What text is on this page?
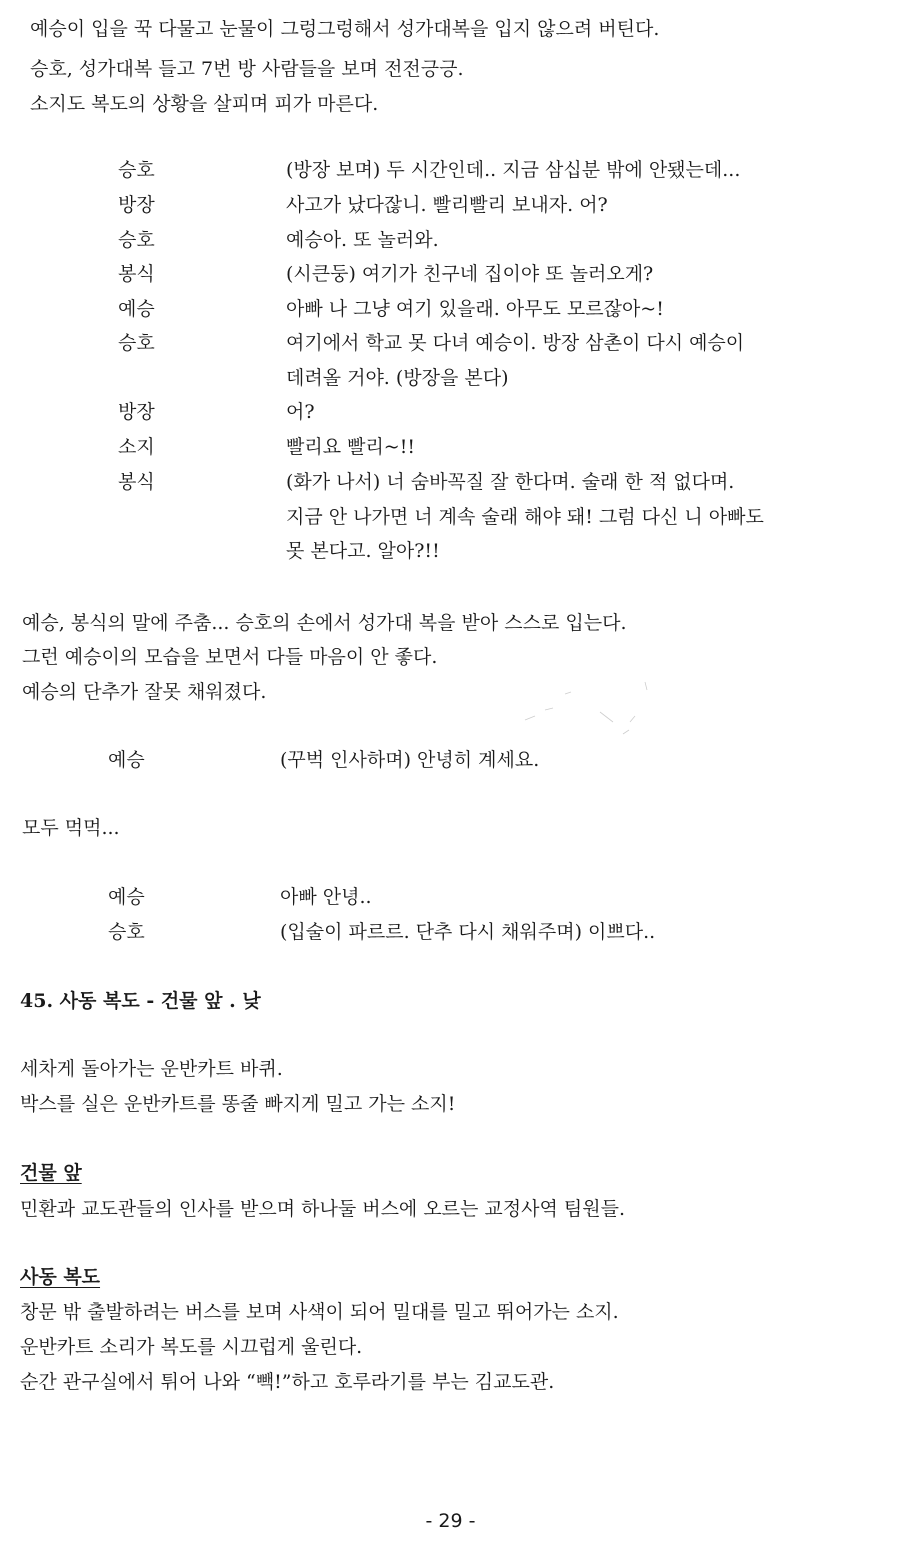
예승이 입을 꾹 다물고 눈물이 그렁그렁해서 성가대복을 입지 않으려 버틴다.
승호, 성가대복 들고 7번 방 사람들을 보며 전전긍긍.
소지도 복도의 상황을 살피며 피가 마른다.
승호	(방장 보며) 두 시간인데.. 지금 삼십분 밖에 안됐는데...
방장	사고가 났다잖니. 빨리빨리 보내자. 어?
승호	예승아. 또 놀러와.
봉식	(시큰둥) 여기가 친구네 집이야 또 놀러오게?
예승	아빠 나 그냥 여기 있을래. 아무도 모르잖아~!
승호	여기에서 학교 못 다녀 예승이. 방장 삼촌이 다시 예승이
데려올 거야. (방장을 본다)
방장	어?
소지	빨리요 빨리~!!
봉식	(화가 나서) 너 숨바꼭질 잘 한다며. 술래 한 적 없다며.
지금 안 나가면 너 계속 술래 해야 돼! 그럼 다신 니 아빠도
못 본다고. 알아?!!
예승, 봉식의 말에 주춤... 승호의 손에서 성가대 복을 받아 스스로 입는다.
그런 예승이의 모습을 보면서 다들 마음이 안 좋다.
예승의 단추가 잘못 채워졌다.
예승	(꾸벅 인사하며) 안녕히 계세요.
모두 먹먹...
예승	아빠 안녕..
승호	(입술이 파르르. 단추 다시 채워주며) 이쁘다..
45. 사동 복도 - 건물 앞 . 낮
세차게 돌아가는 운반카트 바퀴.
박스를 실은 운반카트를 똥줄 빠지게 밀고 가는 소지!
건물 앞
민환과 교도관들의 인사를 받으며 하나둘 버스에 오르는 교정사역 팀원들.
사동 복도
창문 밖 출발하려는 버스를 보며 사색이 되어 밀대를 밀고 뛰어가는 소지.
운반카트 소리가 복도를 시끄럽게 울린다.
순간 관구실에서 튀어 나와 “빽!”하고 호루라기를 부는 김교도관.
- 29 -
